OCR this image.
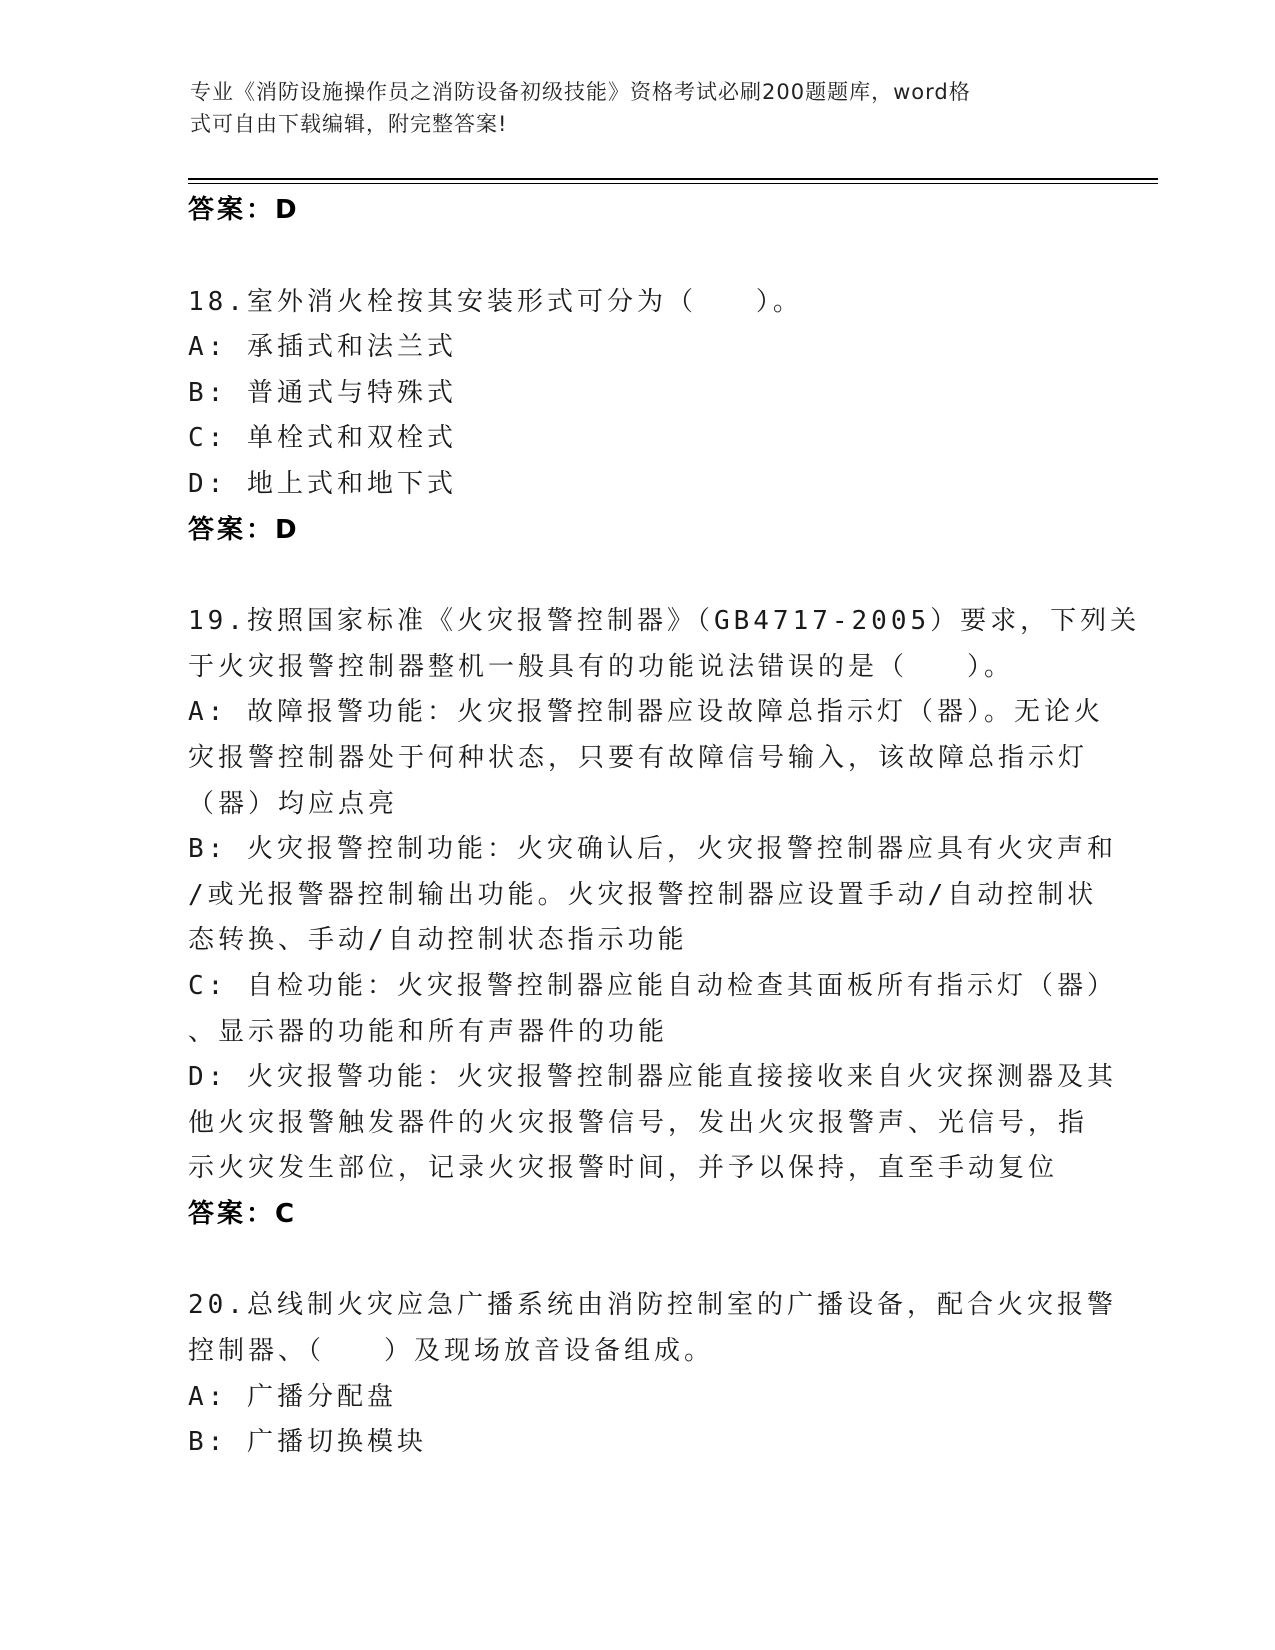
专业《消防设施操作员之消防设备初级技能》资格考试必刷200题题库，word格
式可自由下载编辑，附完整答案!
答案：D
18.室外消火栓按其安装形式可分为（   ）。
A: 承插式和法兰式
B: 普通式与特殊式
C: 单栓式和双栓式
D: 地上式和地下式
答案：D
19.按照国家标准《火灾报警控制器》（GB4717-2005）要求，下列关
于火灾报警控制器整机一般具有的功能说法错误的是（   ）。
A: 故障报警功能：火灾报警控制器应设故障总指示灯（器）。无论火
灾报警控制器处于何种状态，只要有故障信号输入，该故障总指示灯
（器）均应点亮
B: 火灾报警控制功能：火灾确认后，火灾报警控制器应具有火灾声和
/或光报警器控制输出功能。火灾报警控制器应设置手动/自动控制状
态转换、手动/自动控制状态指示功能
C: 自检功能：火灾报警控制器应能自动检查其面板所有指示灯（器）
、显示器的功能和所有声器件的功能
D: 火灾报警功能：火灾报警控制器应能直接接收来自火灾探测器及其
他火灾报警触发器件的火灾报警信号，发出火灾报警声、光信号，指
示火灾发生部位，记录火灾报警时间，并予以保持，直至手动复位
答案：C
20.总线制火灾应急广播系统由消防控制室的广播设备，配合火灾报警
控制器、（   ）及现场放音设备组成。
A: 广播分配盘
B: 广播切换模块
